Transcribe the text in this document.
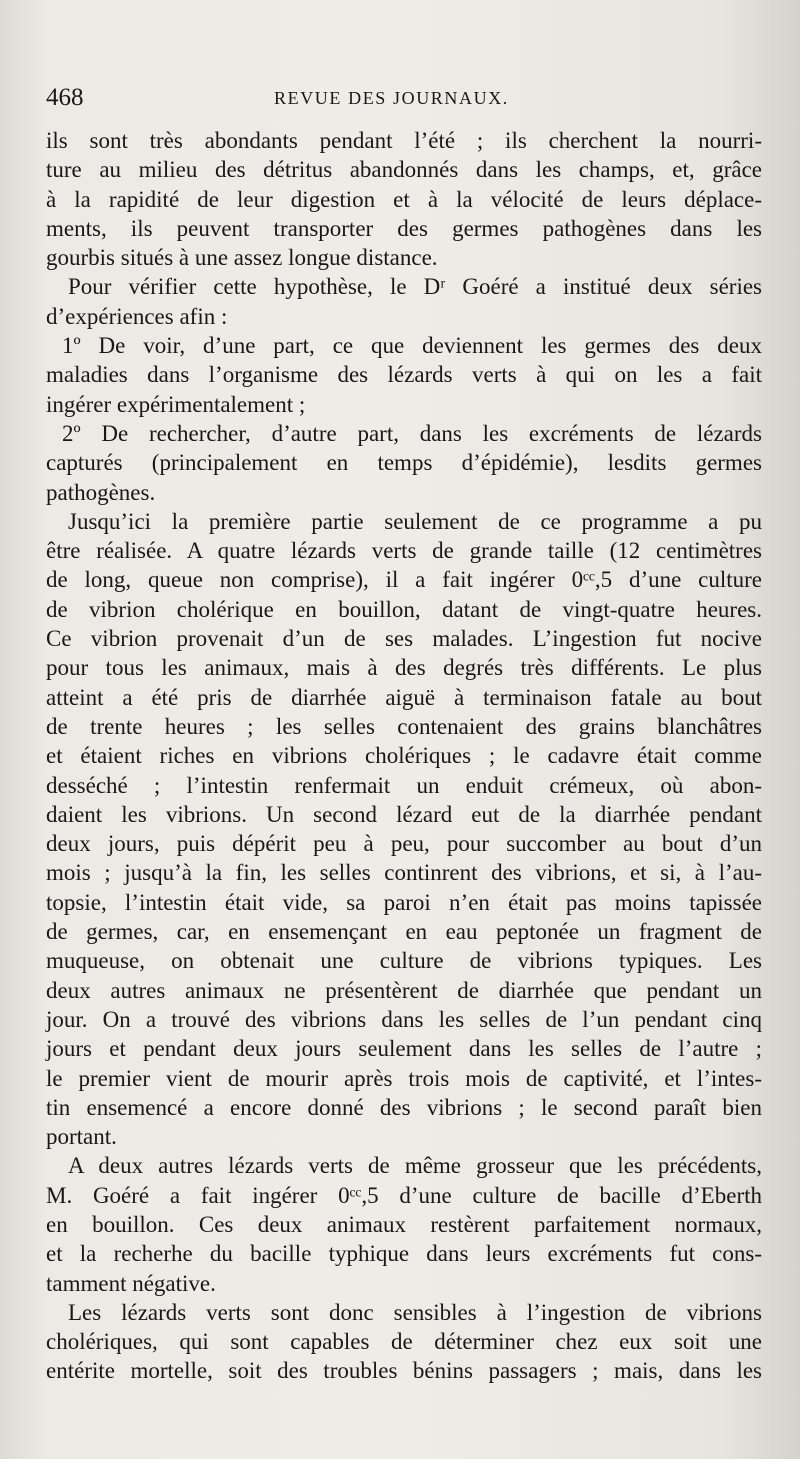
468	REVUE DES JOURNAUX.
ils sont très abondants pendant l’été ; ils cherchent la nourri-
ture au milieu des détritus abandonnés dans les champs, et, grâce
à la rapidité de leur digestion et à la vélocité de leurs déplace-
ments, ils peuvent transporter des germes pathogènes dans les
gourbis situés à une assez longue distance.
Pour vérifier cette hypothèse, le Dʳ Goéré a institué deux séries
d’expériences afin :
1º De voir, d’une part, ce que deviennent les germes des deux
maladies dans l’organisme des lézards verts à qui on les a fait
ingérer expérimentalement ;
2º De rechercher, d’autre part, dans les excréments de lézards
capturés (principalement en temps d’épidémie), lesdits germes
pathogènes.
Jusqu’ici la première partie seulement de ce programme a pu
être réalisée. A quatre lézards verts de grande taille (12 centimètres
de long, queue non comprise), il a fait ingérer 0ᶜᶜ,5 d’une culture
de vibrion cholérique en bouillon, datant de vingt-quatre heures.
Ce vibrion provenait d’un de ses malades. L’ingestion fut nocive
pour tous les animaux, mais à des degrés très différents. Le plus
atteint a été pris de diarrhée aiguë à terminaison fatale au bout
de trente heures ; les selles contenaient des grains blanchâtres
et étaient riches en vibrions cholériques ; le cadavre était comme
desséché ; l’intestin renfermait un enduit crémeux, où abon-
daient les vibrions. Un second lézard eut de la diarrhée pendant
deux jours, puis dépérit peu à peu, pour succomber au bout d’un
mois ; jusqu’à la fin, les selles continrent des vibrions, et si, à l’au-
topsie, l’intestin était vide, sa paroi n’en était pas moins tapissée
de germes, car, en ensemençant en eau peptonée un fragment de
muqueuse, on obtenait une culture de vibrions typiques. Les
deux autres animaux ne présentèrent de diarrhée que pendant un
jour. On a trouvé des vibrions dans les selles de l’un pendant cinq
jours et pendant deux jours seulement dans les selles de l’autre ;
le premier vient de mourir après trois mois de captivité, et l’intes-
tin ensemencé a encore donné des vibrions ; le second paraît bien
portant.
A deux autres lézards verts de même grosseur que les précédents,
M. Goéré a fait ingérer 0ᶜᶜ,5 d’une culture de bacille d’Eberth
en bouillon. Ces deux animaux restèrent parfaitement normaux,
et la recherhe du bacille typhique dans leurs excréments fut cons-
tamment négative.
Les lézards verts sont donc sensibles à l’ingestion de vibrions
cholériques, qui sont capables de déterminer chez eux soit une
entérite mortelle, soit des troubles bénins passagers ; mais, dans les
